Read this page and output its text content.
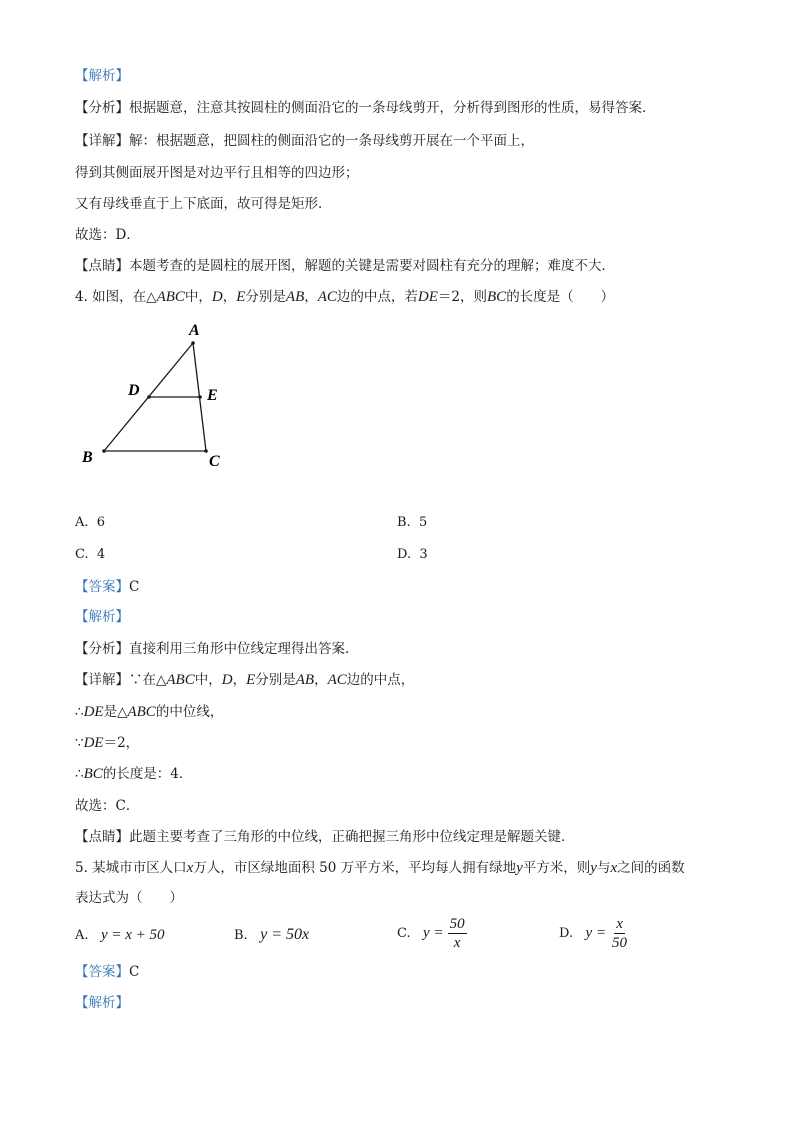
【解析】
【分析】根据题意，注意其按圆柱的侧面沿它的一条母线剪开，分析得到图形的性质，易得答案．
【详解】解：根据题意，把圆柱的侧面沿它的一条母线剪开展在一个平面上，
得到其侧面展开图是对边平行且相等的四边形；
又有母线垂直于上下底面，故可得是矩形．
故选：D．
【点睛】本题考查的是圆柱的展开图，解题的关键是需要对圆柱有充分的理解；难度不大．
4. 如图，在△ABC中，D，E分别是AB，AC边的中点，若DE＝2，则BC的长度是（　　）
A
D	E
B	C
A. 6	B. 5
C. 4	D. 3
【答案】C
【解析】
【分析】直接利用三角形中位线定理得出答案．
【详解】∵在△ABC中，D，E分别是AB，AC边的中点，
∴DE是△ABC的中位线，
∵DE＝2，
∴BC的长度是：4．
故选：C．
【点睛】此题主要考查了三角形的中位线，正确把握三角形中位线定理是解题关键．
5. 某城市市区人口x万人，市区绿地面积 50 万平方米，平均每人拥有绿地y平方米，则y与x之间的函数
表达式为（　　）
A. y = x + 50	B. y = 50x	C. $y = \frac{50}{x}$	D. $y = \frac{x}{50}$
【答案】C
【解析】
